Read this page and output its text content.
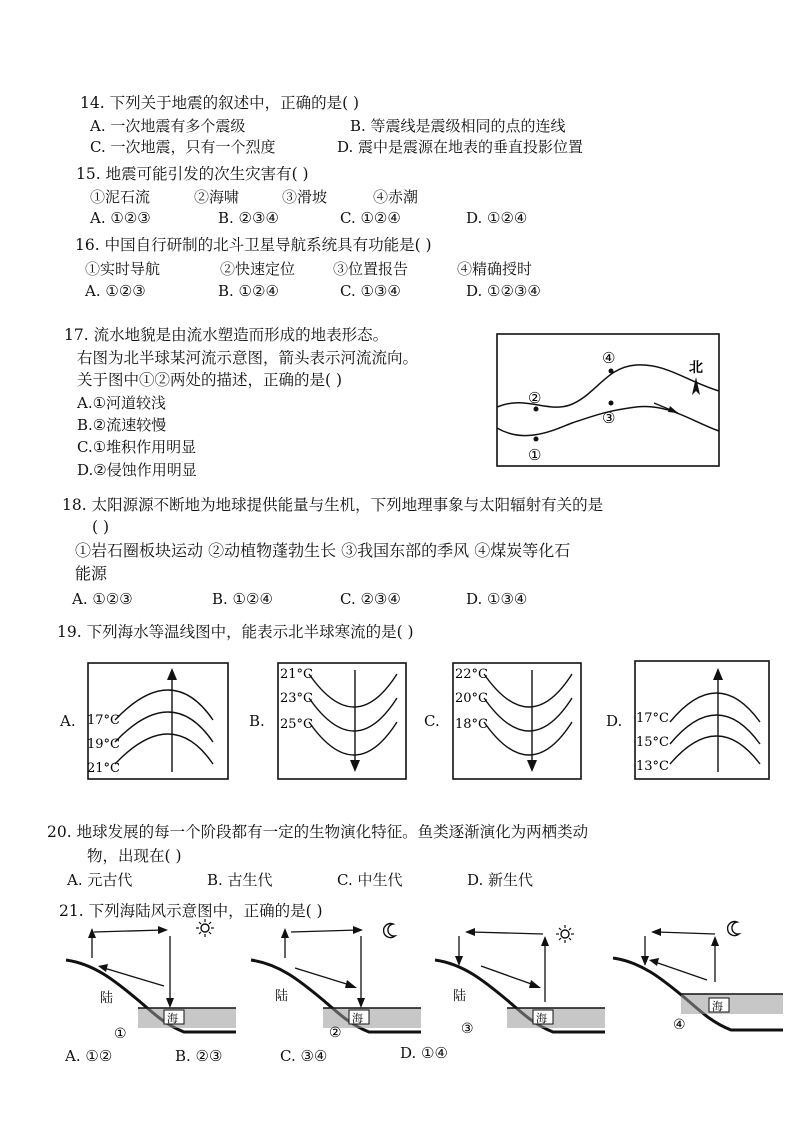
14. 下列关于地震的叙述中，正确的是( )
A. 一次地震有多个震级	B. 等震线是震级相同的点的连线
C. 一次地震，只有一个烈度	D. 震中是震源在地表的垂直投影位置
15. 地震可能引发的次生灾害有( )
①泥石流	②海啸	③滑坡	④赤潮
A. ①②③	B. ②③④	C. ①②④	D. ①②④
16. 中国自行研制的北斗卫星导航系统具有功能是( )
①实时导航	②快速定位	③位置报告	④精确授时
A. ①②③	B. ①②④	C. ①③④	D. ①②③④
17. 流水地貌是由流水塑造而形成的地表形态。
右图为北半球某河流示意图，箭头表示河流流向。
关于图中①②两处的描述，正确的是( )
A.①河道较浅
B.②流速较慢
C.①堆积作用明显
D.②侵蚀作用明显
①
②
③
④
北
18. 太阳源源不断地为地球提供能量与生机，下列地理事象与太阳辐射有关的是
( )
①岩石圈板块运动 ②动植物蓬勃生长 ③我国东部的季风 ④煤炭等化石
能源
A. ①②③	B. ①②④	C. ②③④	D. ①③④
19. 下列海水等温线图中，能表示北半球寒流的是( )
A. 17°C
19°C
21°C
B.
21°C
23°C
25°C	C.
22°C
20°C
18°C	D. 17°C
15°C
13°C
20. 地球发展的每一个阶段都有一定的生物演化特征。鱼类逐渐演化为两栖类动
物，出现在( )
A. 元古代	B. 古生代	C. 中生代	D. 新生代
21. 下列海陆风示意图中，正确的是( )
海
陆
①
海
陆
②
海
陆
③
海
④
A. ①②	B. ②③	C. ③④	D. ①④
